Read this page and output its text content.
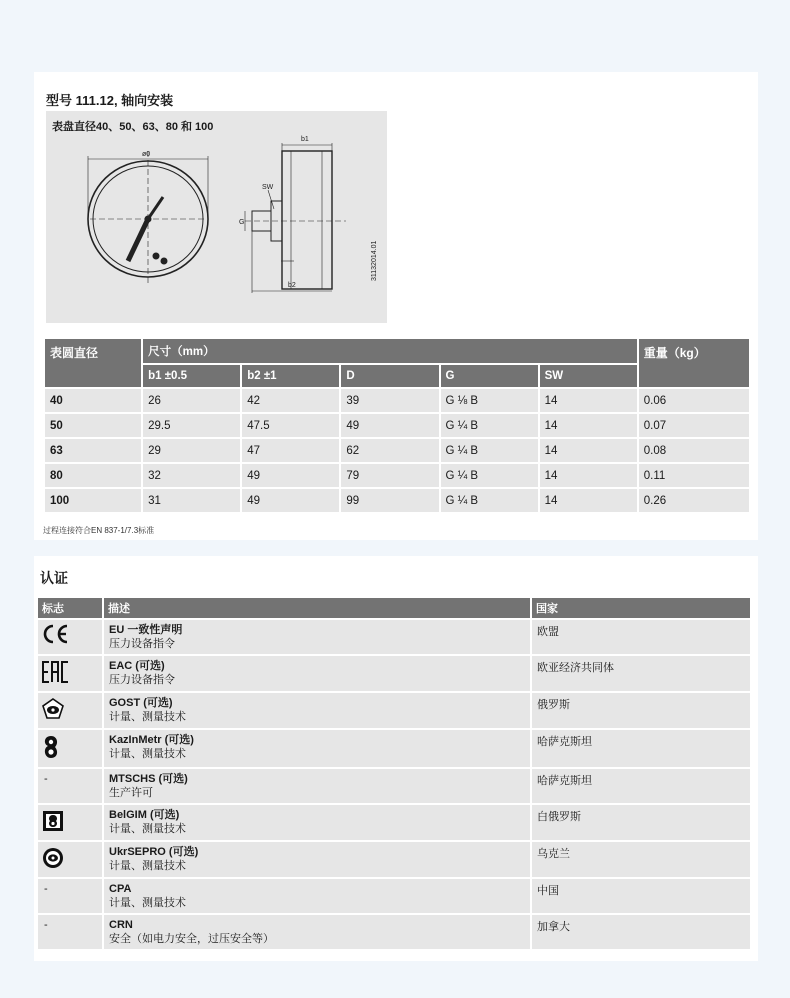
型号 111.12, 轴向安装
表盘直径40、50、63、80 和 100
ø0
b1
b2
SW
G
31132014.01
表圆直径	尺寸（mm）					重量（kg）
	b1 ±0.5	b2 ±1	D	G	SW	
40	26	42	39	G ⅛ B	14	0.06
50	29.5	47.5	49	G ¼ B	14	0.07
63	29	47	62	G ¼ B	14	0.08
80	32	49	79	G ¼ B	14	0.11
100	31	49	99	G ¼ B	14	0.26
过程连接符合EN 837-1/7.3标准
认证
标志	描述	国家

EU 一致性声明
压力设备指令	欧盟

EAC (可选)
压力设备指令	欧亚经济共同体

GOST (可选)
计量、测量技术	俄罗斯

KazInMetr (可选)
计量、测量技术	哈萨克斯坦
-	MTSCHS (可选)
生产许可	哈萨克斯坦

BelGIM (可选)
计量、测量技术	白俄罗斯

UkrSEPRO (可选)
计量、测量技术	乌克兰
-	CPA
计量、测量技术	中国
-	CRN
安全（如电力安全，过压安全等）	加拿大
